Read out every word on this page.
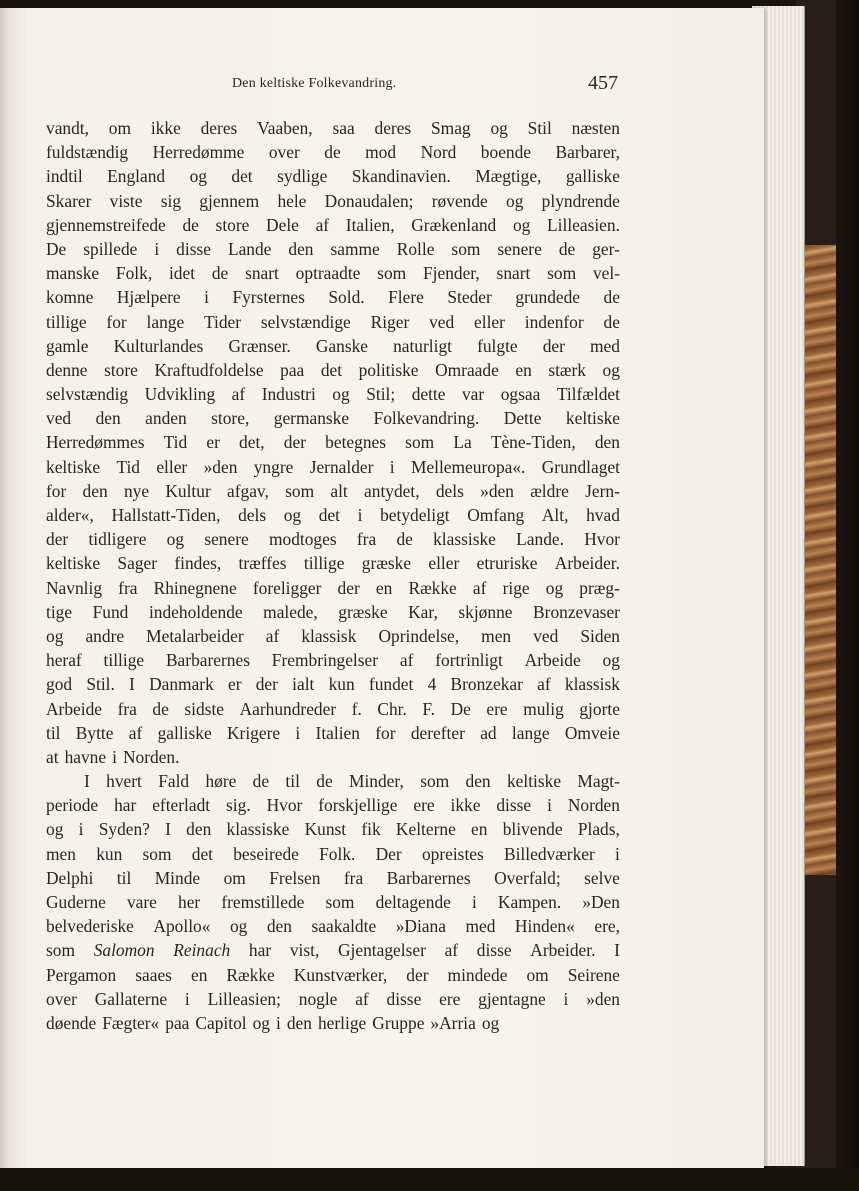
Den keltiske Folkevandring.	457
vandt, om ikke deres Vaaben, saa deres Smag og Stil næsten
fuldstændig Herredømme over de mod Nord boende Barbarer,
indtil England og det sydlige Skandinavien. Mægtige, galliske
Skarer viste sig gjennem hele Donaudalen; røvende og plyndrende
gjennemstreifede de store Dele af Italien, Grækenland og Lilleasien.
De spillede i disse Lande den samme Rolle som senere de ger-
manske Folk, idet de snart optraadte som Fjender, snart som vel-
komne Hjælpere i Fyrsternes Sold. Flere Steder grundede de
tillige for lange Tider selvstændige Riger ved eller indenfor de
gamle Kulturlandes Grænser. Ganske naturligt fulgte der med
denne store Kraftudfoldelse paa det politiske Omraade en stærk og
selvstændig Udvikling af Industri og Stil; dette var ogsaa Tilfældet
ved den anden store, germanske Folkevandring. Dette keltiske
Herredømmes Tid er det, der betegnes som La Tène-Tiden, den
keltiske Tid eller »den yngre Jernalder i Mellemeuropa«. Grundlaget
for den nye Kultur afgav, som alt antydet, dels »den ældre Jern-
alder«, Hallstatt-Tiden, dels og det i betydeligt Omfang Alt, hvad
der tidligere og senere modtoges fra de klassiske Lande. Hvor
keltiske Sager findes, træffes tillige græske eller etruriske Arbeider.
Navnlig fra Rhinegnene foreligger der en Række af rige og præg-
tige Fund indeholdende malede, græske Kar, skjønne Bronzevaser
og andre Metalarbeider af klassisk Oprindelse, men ved Siden
heraf tillige Barbarernes Frembringelser af fortrinligt Arbeide og
god Stil. I Danmark er der ialt kun fundet 4 Bronzekar af klassisk
Arbeide fra de sidste Aarhundreder f. Chr. F. De ere mulig gjorte
til Bytte af galliske Krigere i Italien for derefter ad lange Omveie
at havne i Norden.
I hvert Fald høre de til de Minder, som den keltiske Magt-
periode har efterladt sig. Hvor forskjellige ere ikke disse i Norden
og i Syden? I den klassiske Kunst fik Kelterne en blivende Plads,
men kun som det beseirede Folk. Der opreistes Billedværker i
Delphi til Minde om Frelsen fra Barbarernes Overfald; selve
Guderne vare her fremstillede som deltagende i Kampen. »Den
belvederiske Apollo« og den saakaldte »Diana med Hinden« ere,
som Salomon Reinach har vist, Gjentagelser af disse Arbeider. I
Pergamon saaes en Række Kunstværker, der mindede om Seirene
over Gallaterne i Lilleasien; nogle af disse ere gjentagne i »den
døende Fægter« paa Capitol og i den herlige Gruppe »Arria og
